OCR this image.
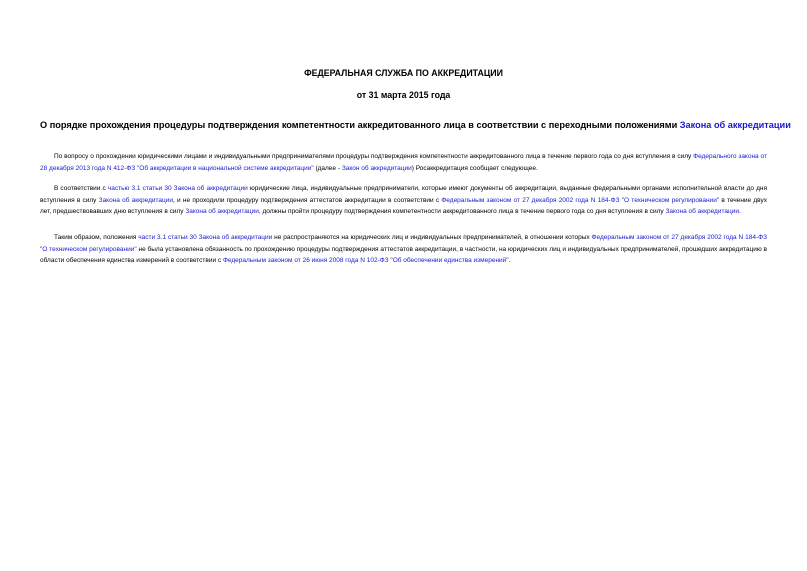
ФЕДЕРАЛЬНАЯ СЛУЖБА ПО АККРЕДИТАЦИИ
от 31 марта 2015 года
О порядке прохождения процедуры подтверждения компетентности аккредитованного лица в соответствии с переходными положениями Закона об аккредитации

По вопросу о прохождении юридическими лицами и индивидуальными предпринимателями процедуры подтверждения компетентности аккредитованного лица в течение первого года со дня вступления в силу Федерального закона от 28 декабря 2013 года N 412-ФЗ "Об аккредитации в национальной системе аккредитации" (далее - Закон об аккредитации) Росаккредитация сообщает следующее.

В соответствии с частью 3.1 статьи 30 Закона об аккредитации юридические лица, индивидуальные предприниматели, которые имеют документы об аккредитации, выданные федеральными органами исполнительной власти до дня вступления в силу Закона об аккредитации, и не проходили процедуру подтверждения аттестатов аккредитации в соответствии с Федеральным законом от 27 декабря 2002 года N 184-ФЗ "О техническом регулировании" в течение двух лет, предшествовавших дню вступления в силу Закона об аккредитации, должны пройти процедуру подтверждения компетентности аккредитованного лица в течение первого года со дня вступления в силу Закона об аккредитации.

Таким образом, положения части 3.1 статьи 30 Закона об аккредитации не распространяются на юридических лиц и индивидуальных предпринимателей, в отношении которых Федеральным законом от 27 декабря 2002 года N 184-ФЗ "О техническом регулировании" не была установлена обязанность по прохождению процедуры подтверждения аттестатов аккредитации, в частности, на юридических лиц и индивидуальных предпринимателей, прошедших аккредитацию в области обеспечения единства измерений в соответствии с Федеральным законом от 26 июня 2008 года N 102-ФЗ "Об обеспечении единства измерений".
